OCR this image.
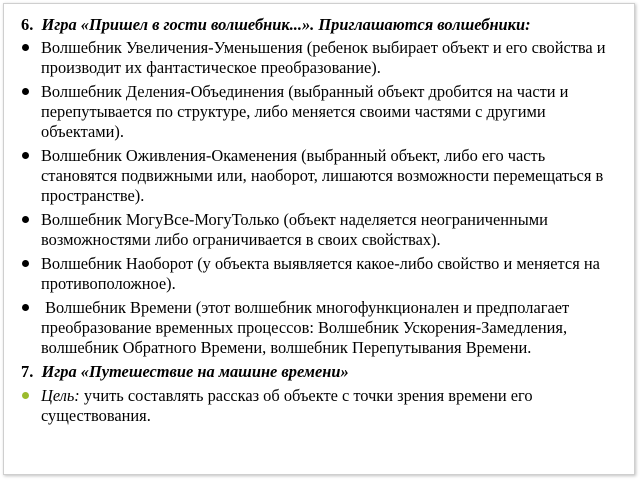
6. Игра «Пришел в гости волшебник...». Приглашаются волшебники:

Волшебник Увеличения-Уменьшения (ребенок выбирает объект и его свойства и производит их фантастическое преобразование).
Волшебник Деления-Объединения (выбранный объект дробится на части и перепутывается по структуре, либо меняется своими частями с другими объектами).
Волшебник Оживления-Окаменения (выбранный объект, либо его часть становятся подвижными или, наоборот, лишаются возможности перемещаться в пространстве).
Волшебник МогуВсе-МогуТолько (объект наделяется неограниченными возможностями либо ограничивается в своих свойствах).
Волшебник Наоборот (у объекта выявляется какое-либо свойство и меняется на противоположное).
Волшебник Времени (этот волшебник многофункционален и предполагает преобразование временных процессов: Волшебник Ускорения-Замедления, волшебник Обратного Времени, волшебник Перепутывания Времени.

7. Игра «Путешествие на машине времени»

Цель: учить составлять рассказ об объекте с точки зрения времени его существования.
